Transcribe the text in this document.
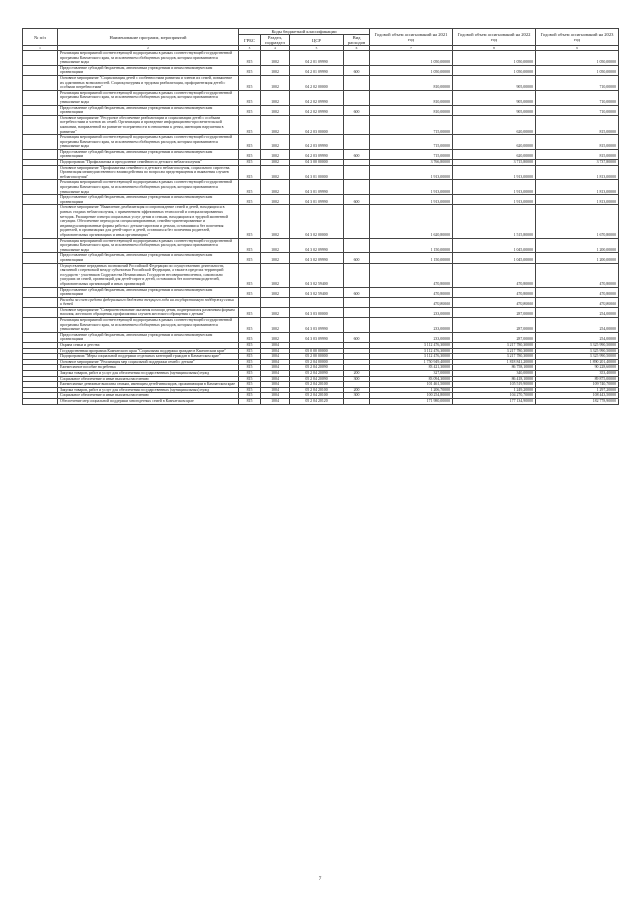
№ п/п	Наименование программ, мероприятий	Коды бюджетной классификации				Годовой объем ассигнований на 2021 год	Годовой объем ассигнований на 2022 год	Годовой объем ассигнований на 2023 год
		ГРБС	Раздел, подраздел	ЦСР	Вид расходов			
1	2	3	4	5	6	7	8	9
	Реализация мероприятий соответствующей подпрограммы в рамках соответствующей государственной программы Камчатского края, за исключением обобщенных расходов, которым присваиваются уникальные коды	815	1002	04 2 01 09990		1 050,00000	1 050,00000	1 050,00000
	Предоставление субсидий бюджетным, автономным учреждениям и иным некоммерческим организациям	815	1002	04 2 01 09990	600	1 050,00000	1 050,00000	1 050,00000
	Основное мероприятие "Социализация детей с особенностями развития и членов их семей, повышение их адаптивных возможностей. Социокультурная и трудовая реабилитация, профориентация детей с особыми потребностями"	815	1002	04 2 02 00000		810,00000	905,00000	710,00000
	Реализация мероприятий соответствующей подпрограммы в рамках соответствующей государственной программы Камчатского края, за исключением обобщенных расходов, которым присваиваются уникальные коды	815	1002	04 2 02 09990		810,00000	905,00000	710,00000
	Предоставление субсидий бюджетным, автономным учреждениям и иным некоммерческим организациям	815	1002	04 2 02 09990	600	810,00000	905,00000	710,00000
	Основное мероприятие "Ресурсное обеспечение реабилитации и социализации детей с особыми потребностями и членов их семей. Организация и проведение информационно-просветительской кампании, направленной на развитие толерантности в отношении к детям, имеющим нарушения в развитии"	815	1002	04 2 03 00000		715,00000	620,00000	815,00000
	Реализация мероприятий соответствующей подпрограммы в рамках соответствующей государственной программы Камчатского края, за исключением обобщенных расходов, которым присваиваются уникальные коды	815	1002	04 2 03 09990		715,00000	620,00000	815,00000
	Предоставление субсидий бюджетным, автономным учреждениям и иным некоммерческим организациям	815	1002	04 2 03 09990	600	715,00000	620,00000	815,00000
	Подпрограмма "Профилактика и преодоление семейного и детского неблагополучия"	815	1002	04 3 00 00000		3 766,80000	3 715,80000	3 737,80000
	Основное мероприятие "Профилактика семейного и детского неблагополучия, социального сиротства. Организация межведомственного взаимодействия по вопросам предотвращения и выявления случаев неблагополучия"	815	1002	04 3 01 00000		1 913,00000	1 913,00000	1 813,00000
	Реализация мероприятий соответствующей подпрограммы в рамках соответствующей государственной программы Камчатского края, за исключением обобщенных расходов, которым присваиваются уникальные коды	815	1002	04 3 01 09990		1 913,00000	1 913,00000	1 813,00000
	Предоставление субсидий бюджетным, автономным учреждениям и иным некоммерческим организациям	815	1002	04 3 01 09990	600	1 913,00000	1 913,00000	1 813,00000
	Основное мероприятие "Выявление, реабилитация и сопровождение семей и детей, находящихся в разных стадиях неблагополучия, с применением эффективных технологий и специализированных методик. Расширение спектра социальных услуг детям и семьям, находящимся в трудной жизненной ситуации. Обеспечение перехода на специализированные, семейно-ориентированные и индивидуализированные формы работы с детьми-сиротами и детьми, оставшимися без попечения родителей, в организациях для детей-сирот и детей, оставшихся без попечения родителей, образовательных организациях и иных организациях"	815	1002	04 3 02 00000		1 620,80000	1 515,80000	1 670,80000
	Реализация мероприятий соответствующей подпрограммы в рамках соответствующей государственной программы Камчатского края, за исключением обобщенных расходов, которым присваиваются уникальные коды	815	1002	04 3 02 09990		1 150,00000	1 045,00000	1 200,00000
	Предоставление субсидий бюджетным, автономным учреждениям и иным некоммерческим организациям	815	1002	04 3 02 09990	600	1 150,00000	1 045,00000	1 200,00000
	Осуществление переданных полномочий Российской Федерации по осуществлению деятельности, связанной с перевозкой между субъектами Российской Федерации, а также в пределах территорий государств - участников Содружества Независимых Государств несовершеннолетних, самовольно ушедших из семей, организаций для детей-сирот и детей, оставшихся без попечения родителей, образовательных организаций и иных организаций	815	1002	04 3 02 59400		470,80000	470,80000	470,80000
	Предоставление субсидий бюджетным, автономным учреждениям и иным некоммерческим организациям	815	1002	04 3 02 59400	600	470,80000	470,80000	470,80000
	Расходы за счет средств федерального бюджета текущего года на государственную поддержку семьи и детей					470,80000	470,80000	470,80000
	Основное мероприятие "Совершенствование оказания помощи детям, подвергшимся различным формам насилия, жестокого обращения, профилактика случаев жестокого обращения с детьми"	815	1002	04 3 03 00000		233,00000	287,00000	254,00000
	Реализация мероприятий соответствующей подпрограммы в рамках соответствующей государственной программы Камчатского края, за исключением обобщенных расходов, которым присваиваются уникальные коды	815	1002	04 3 03 09990		233,00000	287,00000	254,00000
	Предоставление субсидий бюджетным, автономным учреждениям и иным некоммерческим организациям	815	1002	04 3 03 09990	600	233,00000	287,00000	254,00000
	Охрана семьи и детства	815	1004			3 112 476,30000	3 217 780,30000	3 325 990,50000
	Государственная программа Камчатского края "Социальная поддержка граждан в Камчатском крае"	815	1004	05 0 00 00000		3 112 476,30000	3 217 780,30000	3 325 990,50000
	Подпрограмма "Меры социальной поддержки отдельных категорий граждан в Камчатском крае"	815	1004	05 2 00 00000		3 112 476,30000	3 217 780,30000	3 325 990,50000
	Основное мероприятие "Реализация мер социальной поддержки семей с детьми"	815	1004	05 2 04 00000		1 750 949,40000	1 818 841,20000	1 890 201,40000
	Ежемесячное пособие на ребенка	815	1004	05 2 04 20090		83 421,30000	86 758,10000	90 228,60000
	Закупка товаров, работ и услуг для обеспечения государственных (муниципальных) нужд	815	1004	05 2 04 20090	200	327,00000	340,00000	353,40000
	Социальное обеспечение и иные выплаты населению	815	1004	05 2 04 20090	300	83 094,30000	86 418,10000	89 875,00000
	Ежемесячные денежные выплаты семьям, имеющим детей-инвалидов, проживающим в Камчатском крае	815	1004	05 2 04 20100		101 461,50000	105 519,90000	109 740,70000
	Закупка товаров, работ и услуг для обеспечения государственных (муниципальных) нужд	815	1004	05 2 04 20100	200	1 206,70000	1 249,20000	1 297,20000
	Социальное обеспечение и иные выплаты населению	815	1004	05 2 04 20100	300	100 254,80000	104 270,70000	108 443,50000
	Обеспечение мер социальной поддержки многодетных семей в Камчатском крае	815	1004	05 2 04 20120		171 980,00000	177 134,90000	182 778,90000
7
